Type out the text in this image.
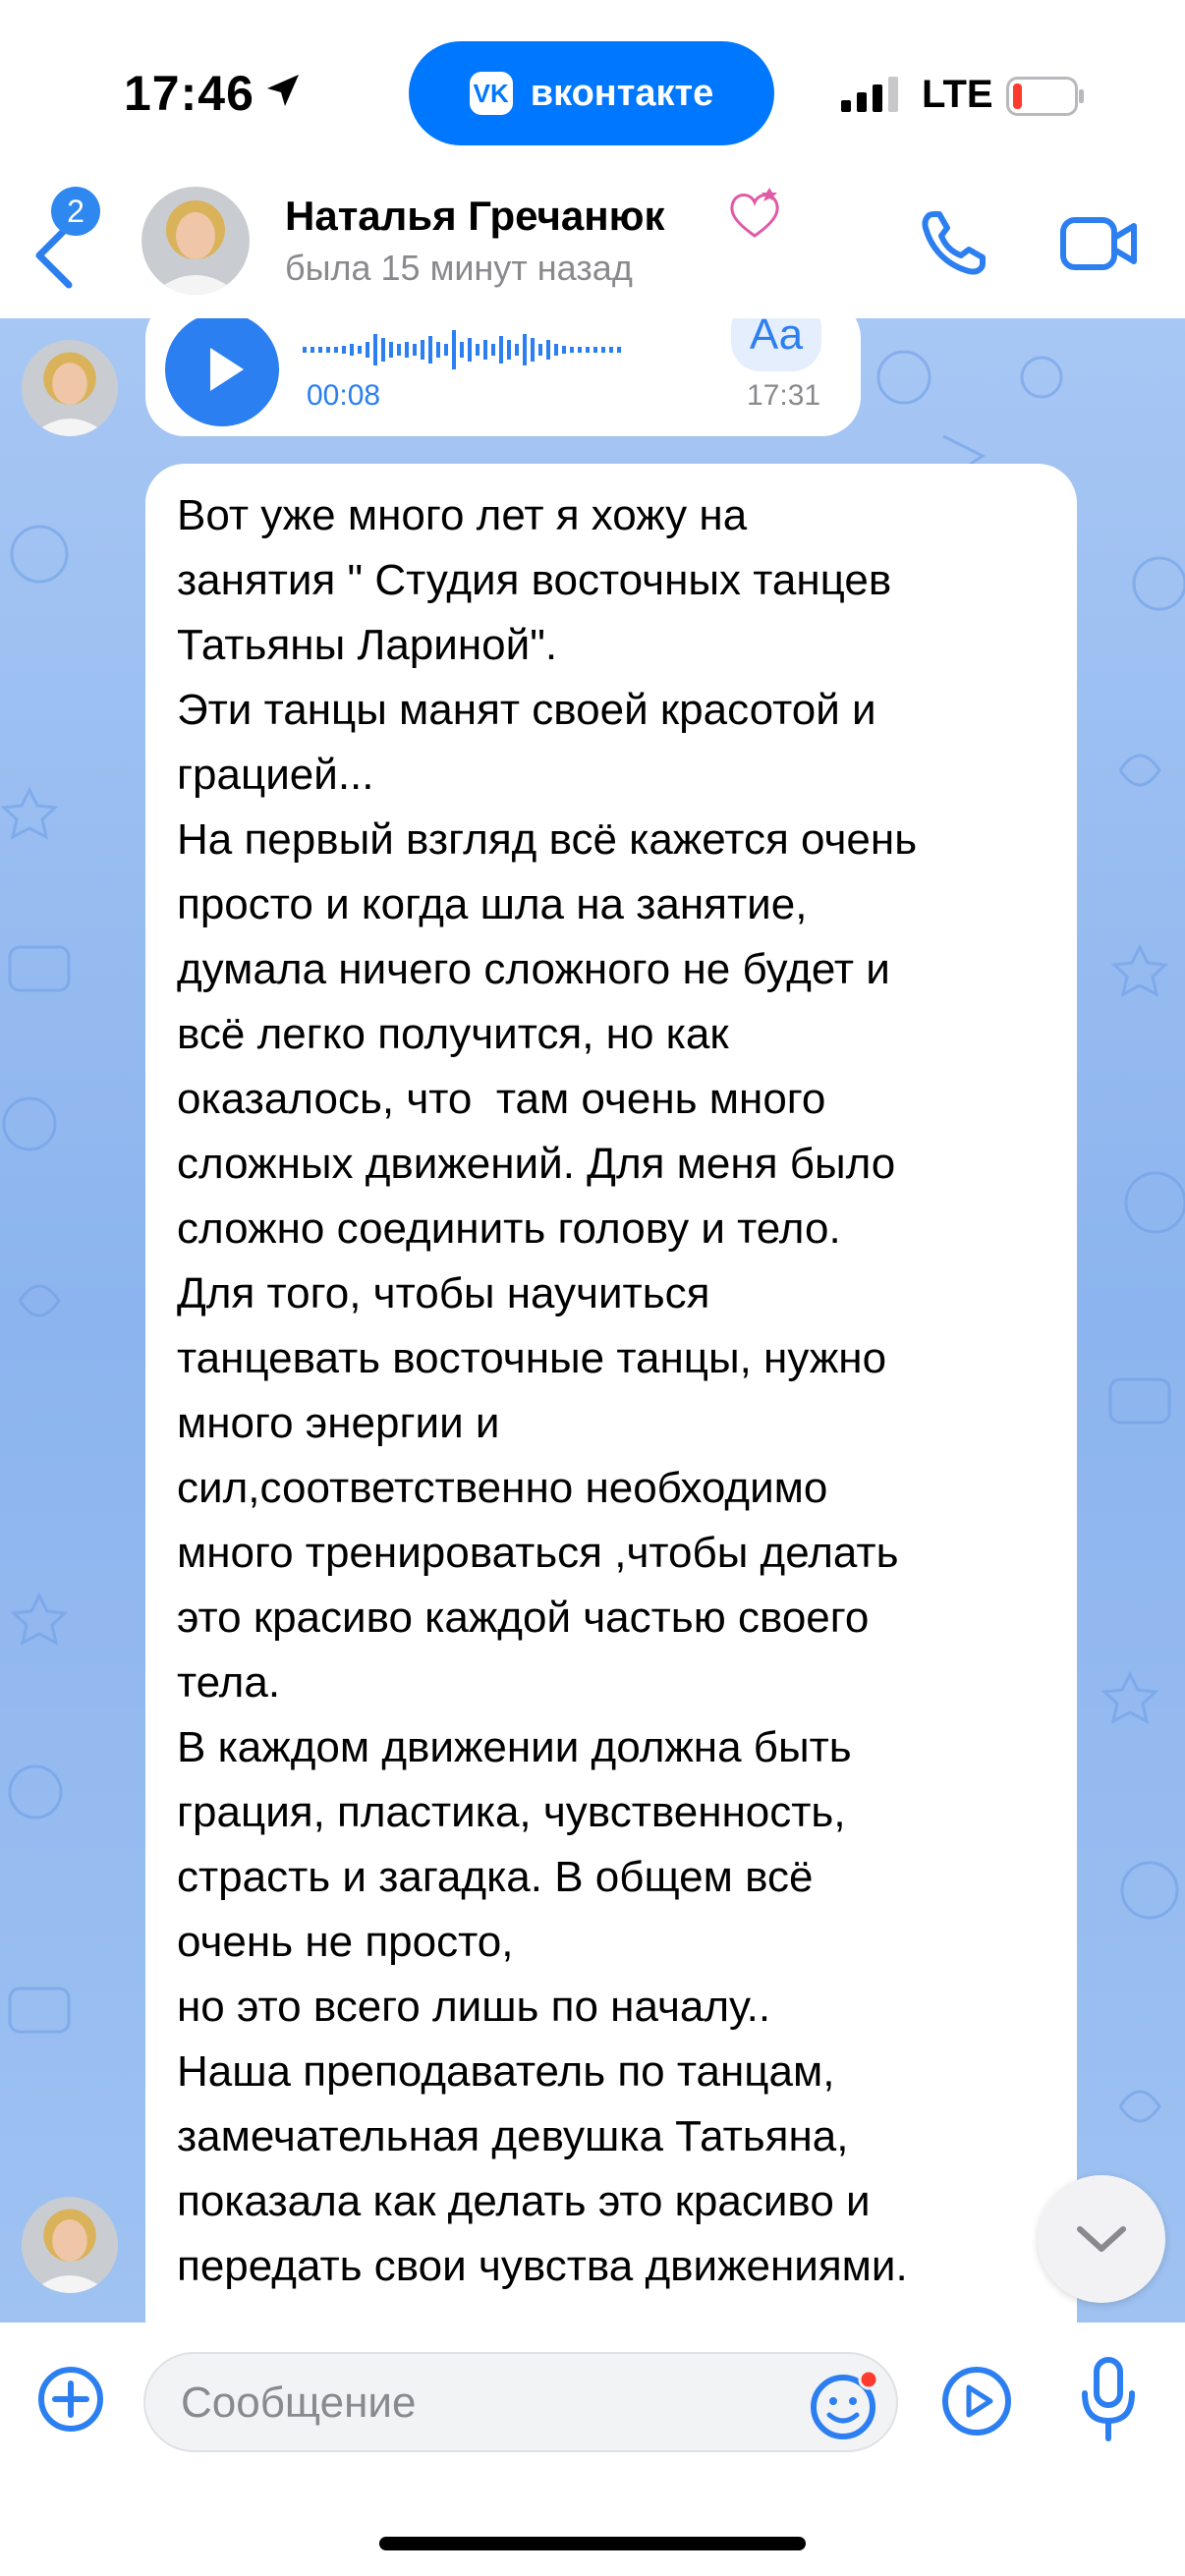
17:46	VK вконтакте	LTE
2	Наталья Гречанюк
была 15 минут назад
00:08
Аа
17:31
Вот уже много лет я хожу на
занятия " Студия восточных танцев
Татьяны Лариной".
Эти танцы манят своей красотой и
грацией...
На первый взгляд всё кажется очень
просто и когда шла на занятие,
думала ничего сложного не будет и
всё легко получится, но как
оказалось, что  там очень много
сложных движений. Для меня было
сложно соединить голову и тело.
Для того, чтобы научиться
танцевать восточные танцы, нужно
много энергии и
сил,соответственно необходимо
много тренироваться ,чтобы делать
это красиво каждой частью своего
тела.
В каждом движении должна быть
грация, пластика, чувственность,
страсть и загадка. В общем всё
очень не просто,
но это всего лишь по началу..
Наша преподаватель по танцам,
замечательная девушка Татьяна,
показала как делать это красиво и
передать свои чувства движениями.
Сообщение
